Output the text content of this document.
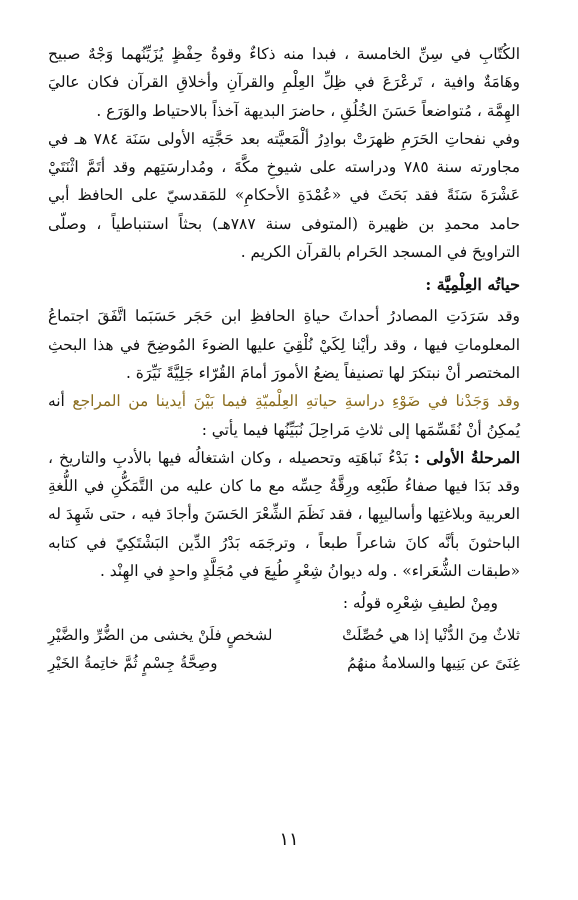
الكُتّابِ في سِنِّ الخامسة ، فبدا منه ذكاءٌ وقوةُ حِفْظٍ يُزَيِّنُهما وَجْهٌ صبيح وهَامَةٌ وافية ، تَرعْرَعَ في ظِلِّ العِلْمِ والقرآنِ وأخلاقِ القرآن فكان عاليَ الهِمَّة ، مُتواضعاً حَسَنَ الخُلُقِ ، حاضرَ البديهة آخذاً بالاحتياط والوَرَع .

وفي نفحاتِ الحَرَمِ ظهرَتْ بوادِرُ ألْمَعيَّته بعد حَجَّتِه الأولى سَنَة ٧٨٤ هـ في مجاورته سنة ٧٨٥ ودراسته على شيوخِ مكَّةَ ، ومُدارسَتِهم وقد أتَمَّ اثْنَتَيْ عَشْرَةَ سَنَةً فقد بَحَثَ في «عُمْدَةِ الأحكامِ» للمَقدسيّ على الحافظ أبي حامد محمدِ بن ظهيرة (المتوفى سنة ٧٨٧هـ) بحثاً استنباطياً ، وصلّى التراويحَ في المسجد الحَرام بالقرآن الكريم .

حياتُه العِلْمِيَّة :

وقد سَرَدَتِ المصادرُ أحداثَ حياةِ الحافظِ ابن حَجَر حَسَبَما اتَّفَقَ اجتماعُ المعلوماتِ فيها ، وقد رأيْنا لِكَيْ نُلْقِيَ عليها الضوءَ المُوضِحَ في هذا البحثِ المختصر أنْ نبتكرَ لها تصنيفاً يضعُ الأمورَ أمامَ القُرّاء جَلِيَّةً نَيِّرَة .

وقد وَجَدْنا في ضَوْءِ دراسةِ حياتهِ العِلْميّةِ فيما بَيْنَ أيدينا من المراجع أنه يُمكِنُ أنْ نُقَسِّمَها إلى ثلاثِ مَراحِلَ نُبَيِّنُها فيما يأتي :

المرحلةُ الأولى : بَدْءُ نَباهَتِه وتحصيله ، وكان اشتغالُه فيها بالأدبِ والتاريخ ، وقد بَدَا فيها صفاءُ طَبْعِه ورِقَّةُ حِسِّه مع ما كان عليه من التَّمَكُّنِ في اللُّغةِ العربية وبلاغتِها وأساليبِها ، فقد نَظَمَ الشِّعْرَ الحَسَنَ وأجادَ فيه ، حتى شَهِدَ له الباحثونَ بأنَّه كانَ شاعراً طبعاً ، وترجَمَه بَدْرُ الدِّين البَشْتَكِيّ في كتابه «طبقات الشُّعَراء» . وله ديوانُ شِعْرٍ طُبِعَ في مُجَلَّدٍ واحدٍ في الهِنْد .

ومِنْ لطيفِ شِعْرِه قولُه :
ثلاثٌ مِنَ الدُّنْيا إذا هي حُصِّلَتْ
لشخصٍ فلَنْ يخشى من الضُّرِّ والضَّيْرِ
غِنَىً عن بَنِيها والسلامةُ منهُمُ
وصِحَّةُ جِسْمٍ ثُمَّ خاتِمةُ الخَيْرِ
١١
